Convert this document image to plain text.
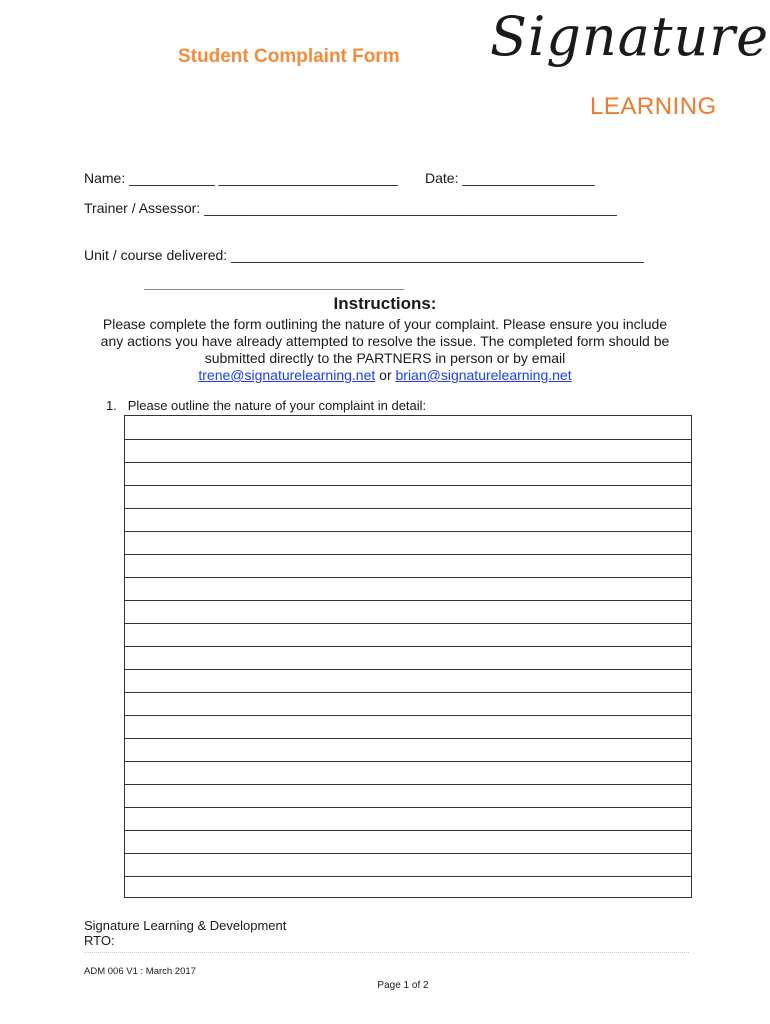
Student Complaint Form Signature
LEARNING
Name: ___________ _______________________ Date: _________________
Trainer / Assessor: _____________________________________________________
Unit / course delivered: _____________________________________________________
Instructions:
Please complete the form outlining the nature of your complaint. Please ensure you include any actions you have already attempted to resolve the issue. The completed form should be submitted directly to the PARTNERS in person or by email
trene@signaturelearning.net or brian@signaturelearning.net
1. Please outline the nature of your complaint in detail:
Signature Learning & Development
RTO:
ADM 006 V1 : March 2017
Page 1 of 2
